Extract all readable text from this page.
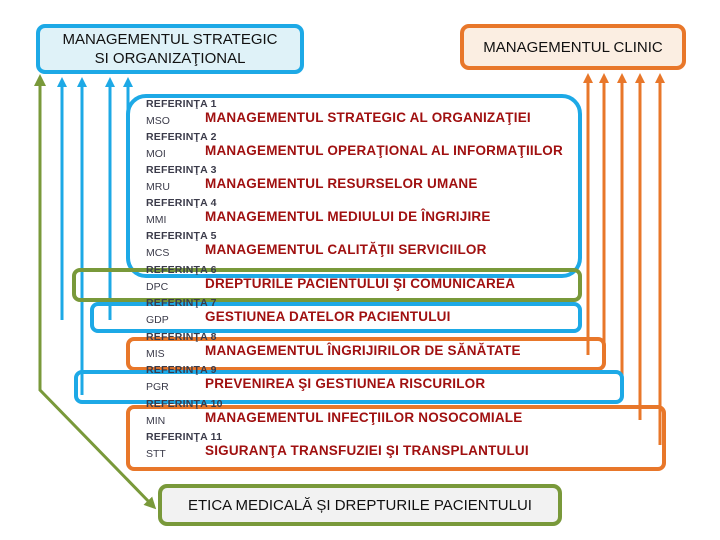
MANAGEMENTUL STRATEGIC
SI ORGANIZAŢIONAL
MANAGEMENTUL CLINIC
REFERINŢA 1
MSO	MANAGEMENTUL STRATEGIC AL ORGANIZAŢIEI
REFERINŢA 2
MOI	MANAGEMENTUL OPERAŢIONAL AL INFORMAŢIILOR
REFERINŢA 3
MRU	MANAGEMENTUL RESURSELOR UMANE
REFERINŢA 4
MMI	MANAGEMENTUL MEDIULUI DE ÎNGRIJIRE
REFERINŢA 5
MCS	MANAGEMENTUL CALITĂŢII SERVICIILOR
REFERINŢA 6
DPC	DREPTURILE PACIENTULUI ŞI COMUNICAREA
REFERINŢA 7
GDP	GESTIUNEA DATELOR PACIENTULUI
REFERINŢA 8
MIS	MANAGEMENTUL ÎNGRIJIRILOR DE SĂNĂTATE
REFERINŢA 9
PGR	PREVENIREA ŞI GESTIUNEA RISCURILOR
REFERINŢA 10
MIN	MANAGEMENTUL INFECŢIILOR NOSOCOMIALE
REFERINŢA 11
STT	SIGURANŢA TRANSFUZIEI ŞI TRANSPLANTULUI
ETICA MEDICALĂ ȘI DREPTURILE PACIENTULUI
